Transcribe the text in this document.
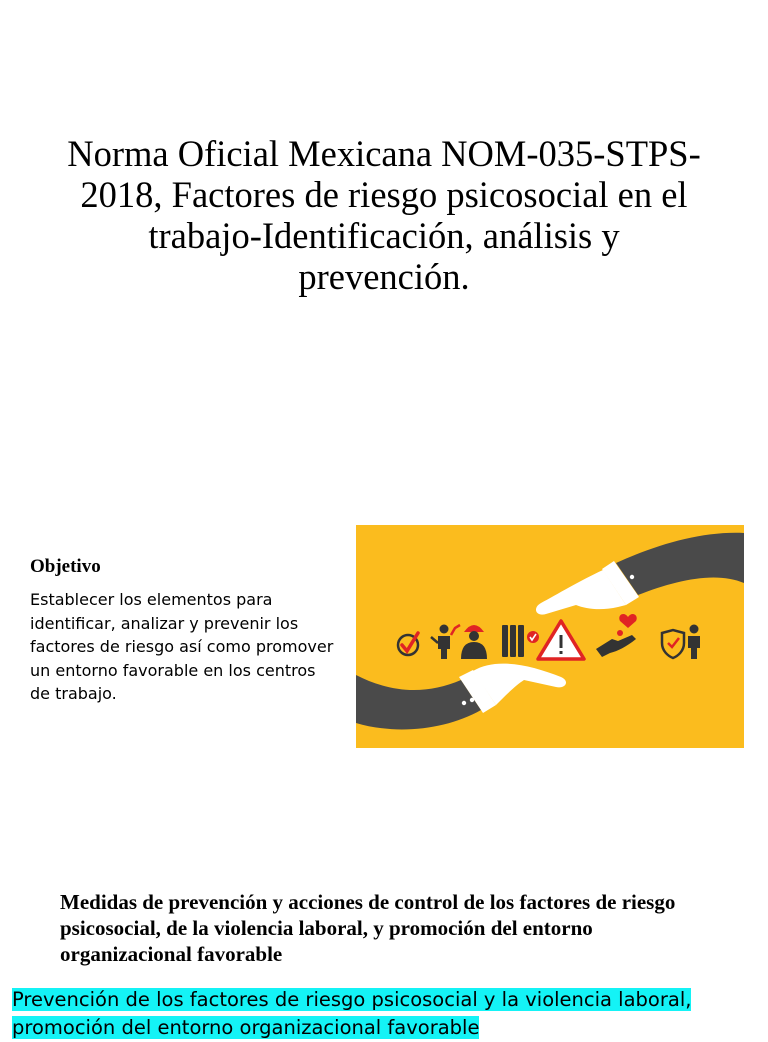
Norma Oficial Mexicana NOM-035-STPS-2018, Factores de riesgo psicosocial en el trabajo-Identificación, análisis y prevención.
Objetivo

Establecer los elementos para identificar, analizar y prevenir los factores de riesgo así como promover un entorno favorable en los centros de trabajo.

Medidas de prevención y acciones de control de los factores de riesgo psicosocial, de la violencia laboral, y promoción del entorno organizacional favorable

Prevención de los factores de riesgo psicosocial y la violencia laboral, promoción del entorno organizacional favorable
